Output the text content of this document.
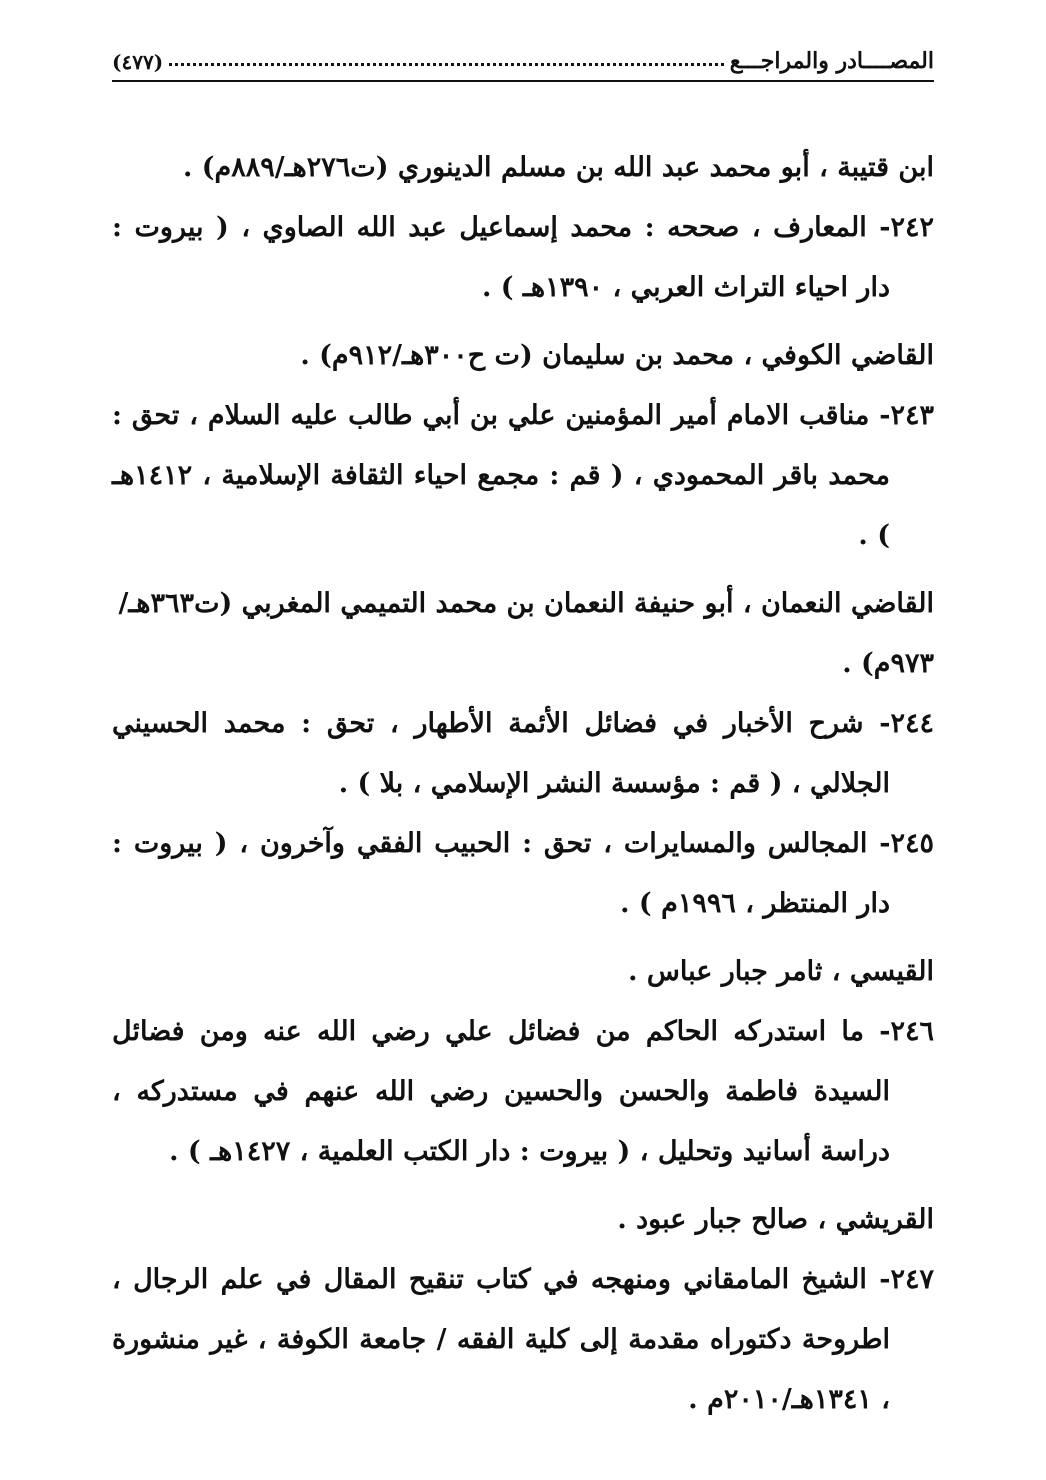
المصــــادر والمراجـــع
(٤٧٧)
ابن قتيبة ، أبو محمد عبد الله بن مسلم الدينوري (ت٢٧٦هـ/٨٨٩م) .
٢٤٢- المعارف ، صححه : محمد إسماعيل عبد الله الصاوي ، ( بيروت : دار احياء التراث العربي ، ١٣٩٠هـ ) .
القاضي الكوفي ، محمد بن سليمان (ت ح٣٠٠هـ/٩١٢م) .
٢٤٣- مناقب الامام أمير المؤمنين علي بن أبي طالب عليه السلام ، تحق : محمد باقر المحمودي ، ( قم : مجمع احياء الثقافة الإسلامية ، ١٤١٢هـ ) .
القاضي النعمان ، أبو حنيفة النعمان بن محمد التميمي المغربي (ت٣٦٣هـ/٩٧٣م) .
٢٤٤- شرح الأخبار في فضائل الأئمة الأطهار ، تحق : محمد الحسيني الجلالي ، ( قم : مؤسسة النشر الإسلامي ، بلا ) .
٢٤٥- المجالس والمسايرات ، تحق : الحبيب الفقي وآخرون ، ( بيروت : دار المنتظر ، ١٩٩٦م ) .
القيسي ، ثامر جبار عباس .
٢٤٦- ما استدركه الحاكم من فضائل علي رضي الله عنه ومن فضائل السيدة فاطمة والحسن والحسين رضي الله عنهم في مستدركه ، دراسة أسانيد وتحليل ، ( بيروت : دار الكتب العلمية ، ١٤٢٧هـ ) .
القريشي ، صالح جبار عبود .
٢٤٧- الشيخ المامقاني ومنهجه في كتاب تنقيح المقال في علم الرجال ، اطروحة دكتوراه مقدمة إلى كلية الفقه / جامعة الكوفة ، غير منشورة ، ١٣٤١هـ/٢٠١٠م .
